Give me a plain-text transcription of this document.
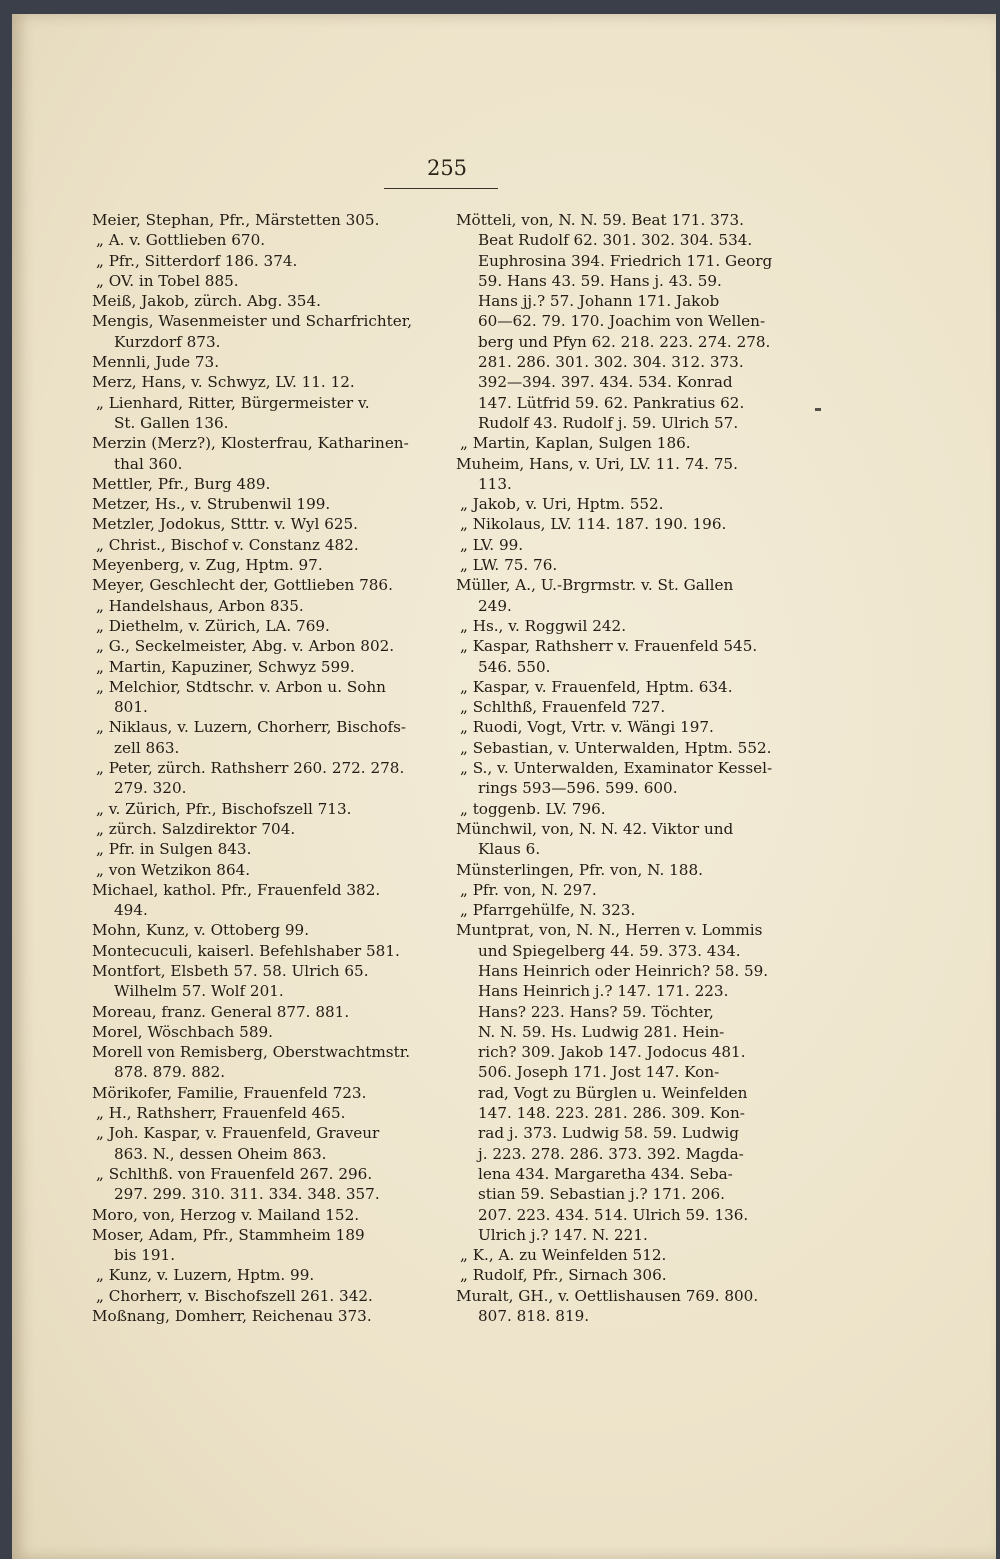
255
Meier, Stephan, Pfr., Märstetten 305.
„ A. v. Gottlieben 670.
„ Pfr., Sitterdorf 186. 374.
„ OV. in Tobel 885.
Meiß, Jakob, zürch. Abg. 354.
Mengis, Wasenmeister und Scharfrichter,
Kurzdorf 873.
Mennli, Jude 73.
Merz, Hans, v. Schwyz, LV. 11. 12.
„ Lienhard, Ritter, Bürgermeister v.
St. Gallen 136.
Merzin (Merz?), Klosterfrau, Katharinen-
thal 360.
Mettler, Pfr., Burg 489.
Metzer, Hs., v. Strubenwil 199.
Metzler, Jodokus, Stttr. v. Wyl 625.
„ Christ., Bischof v. Constanz 482.
Meyenberg, v. Zug, Hptm. 97.
Meyer, Geschlecht der, Gottlieben 786.
„ Handelshaus, Arbon 835.
„ Diethelm, v. Zürich, LA. 769.
„ G., Seckelmeister, Abg. v. Arbon 802.
„ Martin, Kapuziner, Schwyz 599.
„ Melchior, Stdtschr. v. Arbon u. Sohn
801.
„ Niklaus, v. Luzern, Chorherr, Bischofs-
zell 863.
„ Peter, zürch. Rathsherr 260. 272. 278.
279. 320.
„ v. Zürich, Pfr., Bischofszell 713.
„ zürch. Salzdirektor 704.
„ Pfr. in Sulgen 843.
„ von Wetzikon 864.
Michael, kathol. Pfr., Frauenfeld 382.
494.
Mohn, Kunz, v. Ottoberg 99.
Montecuculi, kaiserl. Befehlshaber 581.
Montfort, Elsbeth 57. 58. Ulrich 65.
Wilhelm 57. Wolf 201.
Moreau, franz. General 877. 881.
Morel, Wöschbach 589.
Morell von Remisberg, Oberstwachtmstr.
878. 879. 882.
Mörikofer, Familie, Frauenfeld 723.
„ H., Rathsherr, Frauenfeld 465.
„ Joh. Kaspar, v. Frauenfeld, Graveur
863. N., dessen Oheim 863.
„ Schlthß. von Frauenfeld 267. 296.
297. 299. 310. 311. 334. 348. 357.
Moro, von, Herzog v. Mailand 152.
Moser, Adam, Pfr., Stammheim 189
bis 191.
„ Kunz, v. Luzern, Hptm. 99.
„ Chorherr, v. Bischofszell 261. 342.
Moßnang, Domherr, Reichenau 373.
Mötteli, von, N. N. 59. Beat 171. 373.
Beat Rudolf 62. 301. 302. 304. 534.
Euphrosina 394. Friedrich 171. Georg
59. Hans 43. 59. Hans j. 43. 59.
Hans jj.? 57. Johann 171. Jakob
60—62. 79. 170. Joachim von Wellen-
berg und Pfyn 62. 218. 223. 274. 278.
281. 286. 301. 302. 304. 312. 373.
392—394. 397. 434. 534. Konrad
147. Lütfrid 59. 62. Pankratius 62.
Rudolf 43. Rudolf j. 59. Ulrich 57.
„ Martin, Kaplan, Sulgen 186.
Muheim, Hans, v. Uri, LV. 11. 74. 75.
113.
„ Jakob, v. Uri, Hptm. 552.
„ Nikolaus, LV. 114. 187. 190. 196.
„ LV. 99.
„ LW. 75. 76.
Müller, A., U.-Brgrmstr. v. St. Gallen
249.
„ Hs., v. Roggwil 242.
„ Kaspar, Rathsherr v. Frauenfeld 545.
546. 550.
„ Kaspar, v. Frauenfeld, Hptm. 634.
„ Schlthß, Frauenfeld 727.
„ Ruodi, Vogt, Vrtr. v. Wängi 197.
„ Sebastian, v. Unterwalden, Hptm. 552.
„ S., v. Unterwalden, Examinator Kessel-
rings 593—596. 599. 600.
„ toggenb. LV. 796.
Münchwil, von, N. N. 42. Viktor und
Klaus 6.
Münsterlingen, Pfr. von, N. 188.
„ Pfr. von, N. 297.
„ Pfarrgehülfe, N. 323.
Muntprat, von, N. N., Herren v. Lommis
und Spiegelberg 44. 59. 373. 434.
Hans Heinrich oder Heinrich? 58. 59.
Hans Heinrich j.? 147. 171. 223.
Hans? 223. Hans? 59. Töchter,
N. N. 59. Hs. Ludwig 281. Hein-
rich? 309. Jakob 147. Jodocus 481.
506. Joseph 171. Jost 147. Kon-
rad, Vogt zu Bürglen u. Weinfelden
147. 148. 223. 281. 286. 309. Kon-
rad j. 373. Ludwig 58. 59. Ludwig
j. 223. 278. 286. 373. 392. Magda-
lena 434. Margaretha 434. Seba-
stian 59. Sebastian j.? 171. 206.
207. 223. 434. 514. Ulrich 59. 136.
Ulrich j.? 147. N. 221.
„ K., A. zu Weinfelden 512.
„ Rudolf, Pfr., Sirnach 306.
Muralt, GH., v. Oettlishausen 769. 800.
807. 818. 819.
